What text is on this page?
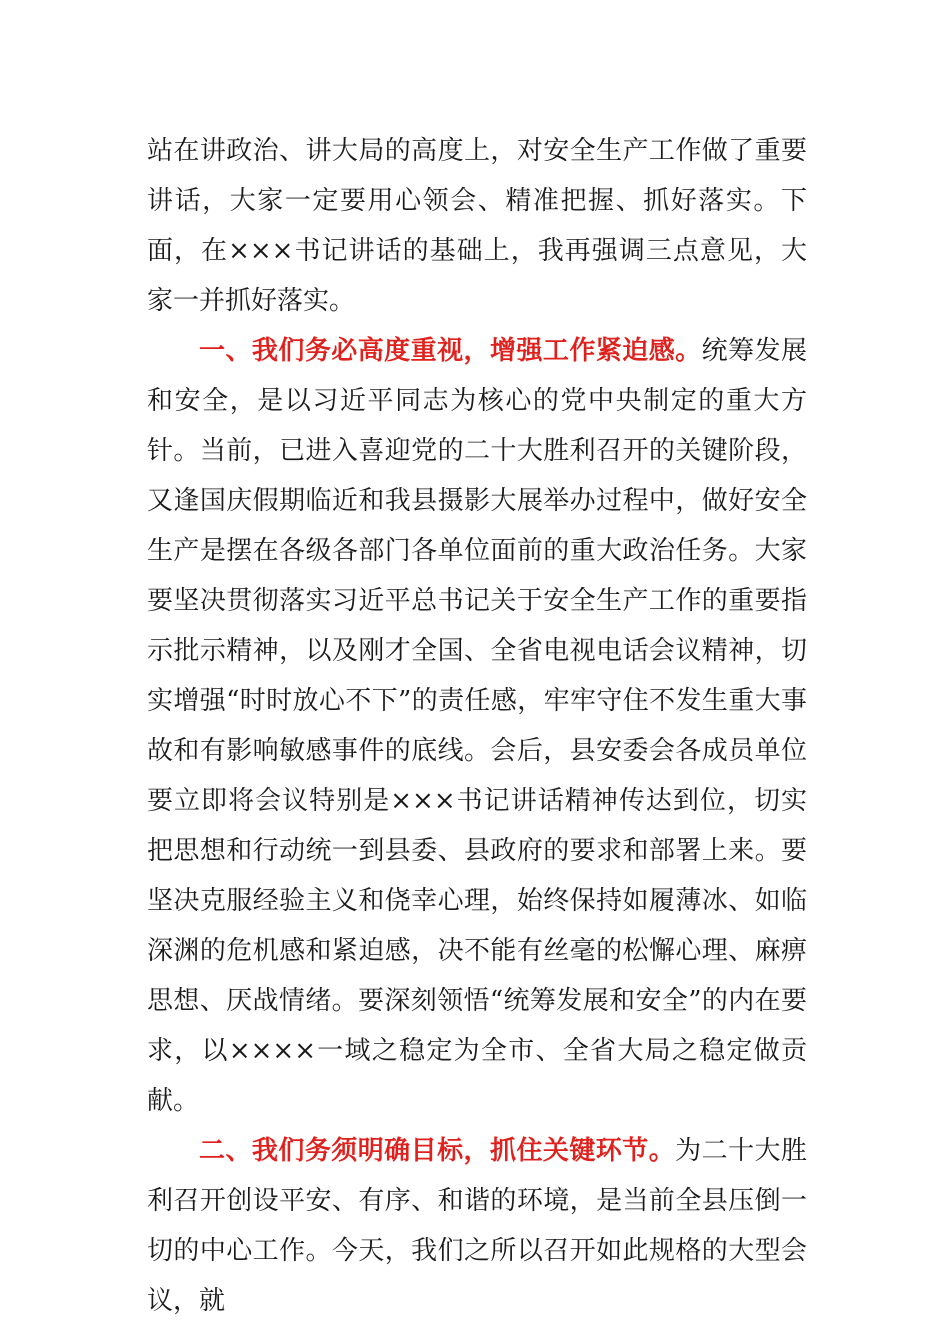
站在讲政治、讲大局的高度上，对安全生产工作做了重要讲话，大家一定要用心领会、精准把握、抓好落实。下面，在×××书记讲话的基础上，我再强调三点意见，大家一并抓好落实。

一、我们务必高度重视，增强工作紧迫感。统筹发展和安全，是以习近平同志为核心的党中央制定的重大方针。当前，已进入喜迎党的二十大胜利召开的关键阶段，又逢国庆假期临近和我县摄影大展举办过程中，做好安全生产是摆在各级各部门各单位面前的重大政治任务。大家要坚决贯彻落实习近平总书记关于安全生产工作的重要指示批示精神，以及刚才全国、全省电视电话会议精神，切实增强“时时放心不下”的责任感，牢牢守住不发生重大事故和有影响敏感事件的底线。会后，县安委会各成员单位要立即将会议特别是×××书记讲话精神传达到位，切实把思想和行动统一到县委、县政府的要求和部署上来。要坚决克服经验主义和侥幸心理，始终保持如履薄冰、如临深渊的危机感和紧迫感，决不能有丝毫的松懈心理、麻痹思想、厌战情绪。要深刻领悟“统筹发展和安全”的内在要求，以××××一域之稳定为全市、全省大局之稳定做贡献。

二、我们务须明确目标，抓住关键环节。为二十大胜利召开创设平安、有序、和谐的环境，是当前全县压倒一切的中心工作。今天，我们之所以召开如此规格的大型会议，就
